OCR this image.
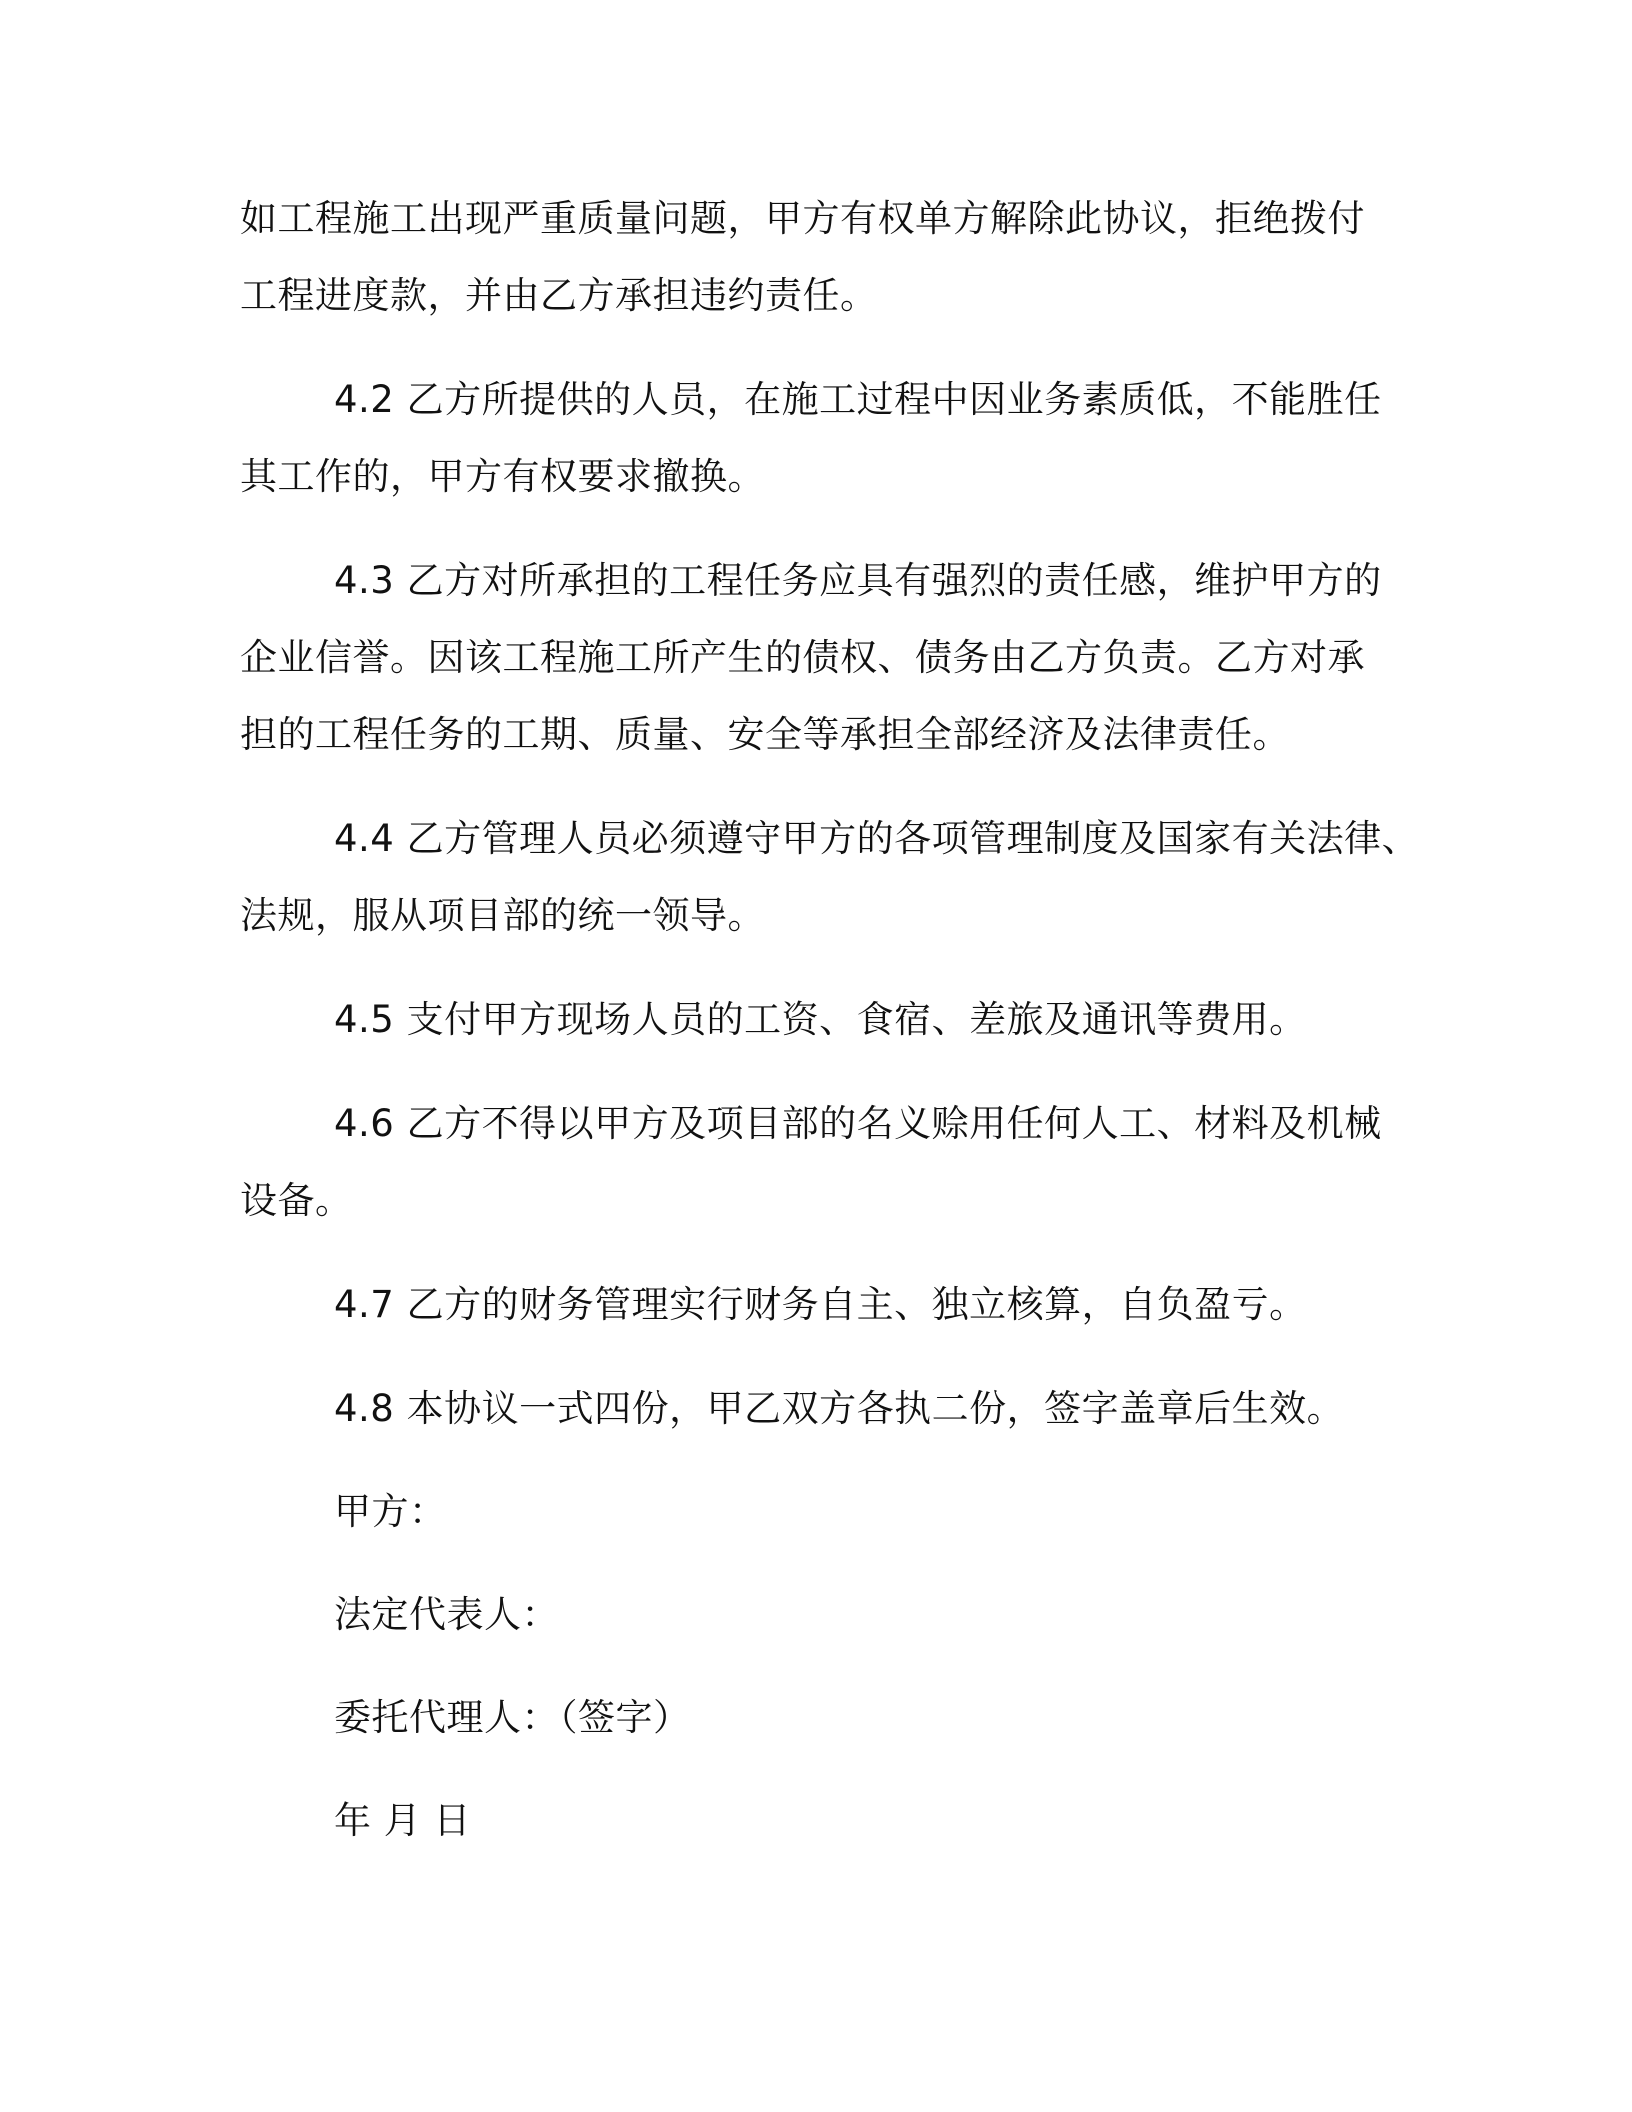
如工程施工出现严重质量问题，甲方有权单方解除此协议，拒绝拨付
工程进度款，并由乙方承担违约责任。
4.2 乙方所提供的人员，在施工过程中因业务素质低，不能胜任
其工作的，甲方有权要求撤换。
4.3 乙方对所承担的工程任务应具有强烈的责任感，维护甲方的
企业信誉。因该工程施工所产生的债权、债务由乙方负责。乙方对承
担的工程任务的工期、质量、安全等承担全部经济及法律责任。
4.4 乙方管理人员必须遵守甲方的各项管理制度及国家有关法律、
法规，服从项目部的统一领导。
4.5 支付甲方现场人员的工资、食宿、差旅及通讯等费用。
4.6 乙方不得以甲方及项目部的名义赊用任何人工、材料及机械
设备。
4.7 乙方的财务管理实行财务自主、独立核算，自负盈亏。
4.8 本协议一式四份，甲乙双方各执二份，签字盖章后生效。
甲方：
法定代表人：
委托代理人：（签字）
年 月 日
